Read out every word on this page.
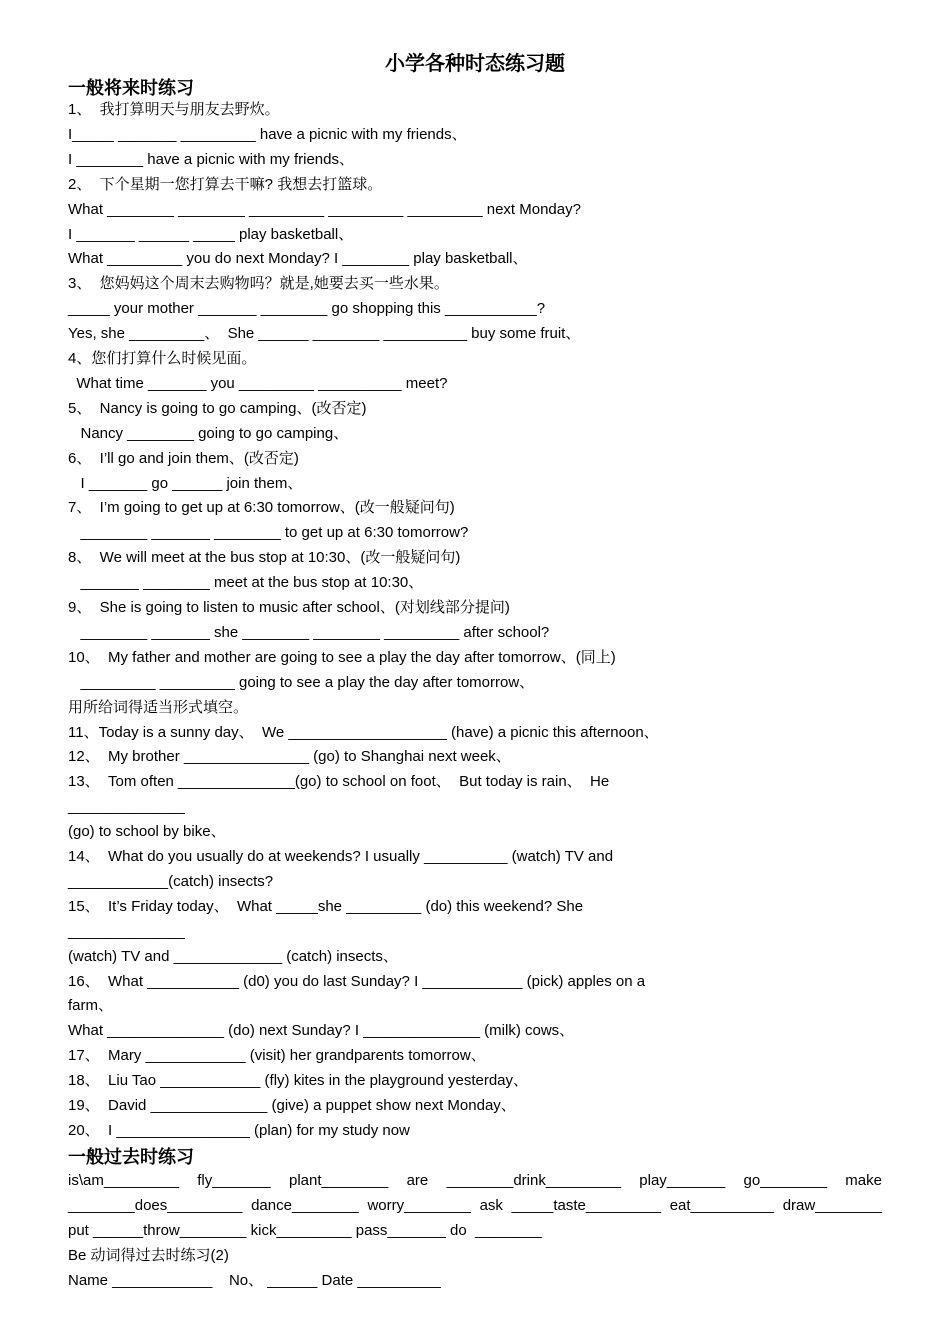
小学各种时态练习题
一般将来时练习
1、  我打算明天与朋友去野炊。
I_____ _______ _________ have a picnic with my friends、
I ________ have a picnic with my friends、
2、  下个星期一您打算去干嘛? 我想去打篮球。
What ________ ________ _________ _________ _________ next Monday?
I _______ ______ _____ play basketball、
What _________ you do next Monday? I ________ play basketball、
3、  您妈妈这个周末去购物吗？就是,她要去买一些水果。
_____ your mother _______ ________ go shopping this ___________?
Yes, she _________、  She ______ ________ __________ buy some fruit、
4、您们打算什么时候见面。
What time _______ you _________ __________ meet?
5、  Nancy is going to go camping、(改否定)
Nancy ________ going to go camping、
6、  I’ll go and join them、(改否定)
I _______ go ______ join them、
7、  I’m going to get up at 6:30 tomorrow、(改一般疑问句)
________ _______ ________ to get up at 6:30 tomorrow?
8、  We will meet at the bus stop at 10:30、(改一般疑问句)
_______ ________ meet at the bus stop at 10:30、
9、  She is going to listen to music after school、(对划线部分提问)
________ _______ she ________ ________ _________ after school?
10、  My father and mother are going to see a play the day after tomorrow、(同上)
_________ _________ going to see a play the day after tomorrow、
用所给词得适当形式填空。
11、Today is a sunny day、  We ___________________ (have) a picnic this afternoon、
12、  My brother _______________ (go) to Shanghai next week、
13、  Tom often ______________(go) to school on foot、  But today is rain、  He
______________
(go) to school by bike、
14、  What do you usually do at weekends? I usually __________ (watch) TV and
____________(catch) insects?
15、  It’s Friday today、  What _____she _________ (do) this weekend? She
______________
(watch) TV and _____________ (catch) insects、
16、  What ___________ (d0) you do last Sunday? I ____________ (pick) apples on a
farm、
What ______________ (do) next Sunday? I ______________ (milk) cows、
17、  Mary ____________ (visit) her grandparents tomorrow、
18、  Liu Tao ____________ (fly) kites in the playground yesterday、
19、  David ______________ (give) a puppet show next Monday、
20、  I ________________ (plan) for my study now
一般过去时练习
is\am_________ fly_______ plant________ are ________drink_________ play_______ go________ make
________does_________ dance________ worry________ ask _____taste_________ eat__________ draw________
put ______throw________ kick_________ pass_______ do  ________
Be 动词得过去时练习(2)
Name ____________    No、 ______ Date __________
